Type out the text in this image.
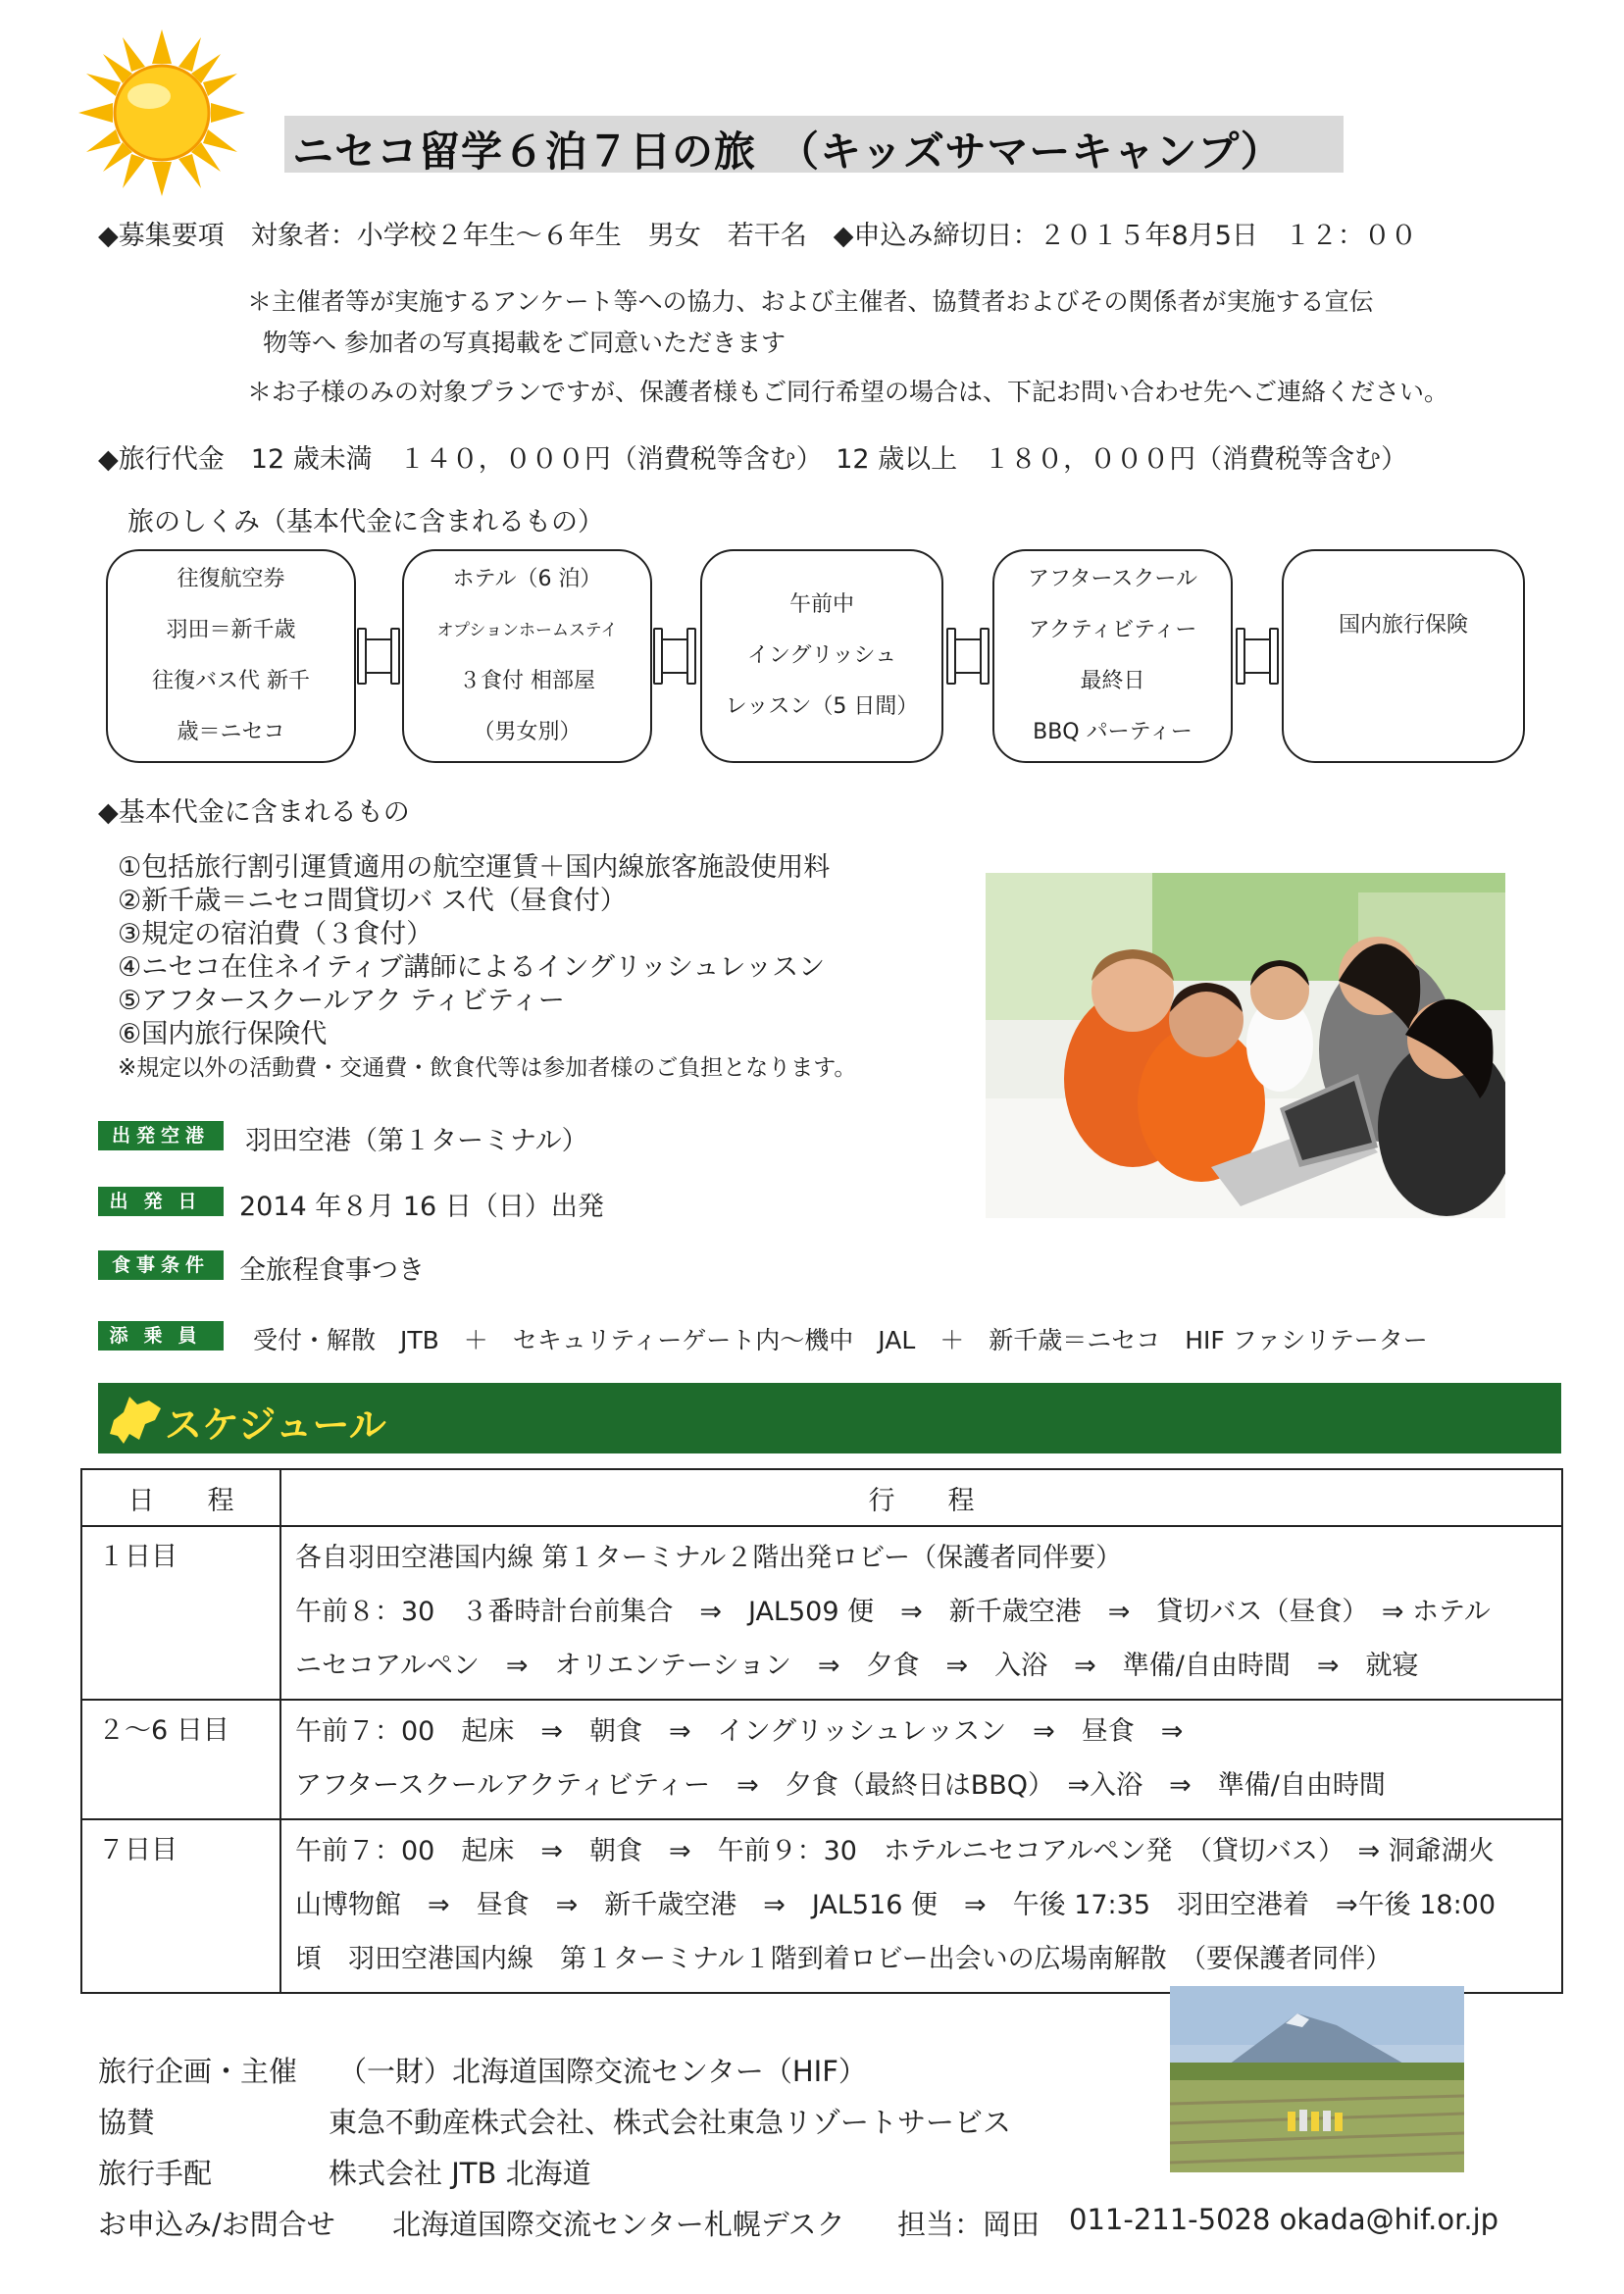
ニセコ留学６泊７日の旅　（キッズサマーキャンプ）
◆募集要項　対象者：小学校２年生～６年生　男女　若干名　◆申込み締切日：２０１５年8月5日　１２：００
＊主催者等が実施するアンケート等への協力、および主催者、協賛者およびその関係者が実施する宣伝
物等へ 参加者の写真掲載をご同意いただきます
＊お子様のみの対象プランですが、保護者様もご同行希望の場合は、下記お問い合わせ先へご連絡ください。
◆旅行代金　12 歳未満　１４０，０００円（消費税等含む）　12 歳以上　１８０，０００円（消費税等含む）
旅のしくみ（基本代金に含まれるもの）
往復航空券
羽田＝新千歳
往復バス代 新千
歳＝ニセコ
ホテル（6 泊）
オプションホームステイ
３食付 相部屋
（男女別）
午前中
イングリッシュ
レッスン（5 日間）
アフタースクール
アクティビティー
最終日
BBQ パーティー
国内旅行保険
◆基本代金に含まれるもの
①包括旅行割引運賃適用の航空運賃＋国内線旅客施設使用料
②新千歳＝ニセコ間貸切バ ス代（昼食付）
③規定の宿泊費（３食付）
④ニセコ在住ネイティブ講師によるイングリッシュレッスン
⑤アフタースクールアク ティビティー
⑥国内旅行保険代
※規定以外の活動費・交通費・飲食代等は参加者様のご負担となります。
出発空港	羽田空港（第１ターミナル）
出発日	2014 年８月 16 日（日）出発
食事条件	全旅程食事つき
添乗員	受付・解散　JTB　＋　セキュリティーゲート内～機中　JAL　＋　新千歳＝ニセコ　HIF ファシリテーター
スケジュール
日　　程	行　　程
１日目	各自羽田空港国内線 第１ターミナル２階出発ロビー（保護者同伴要）
午前８：30　３番時計台前集合　⇒　JAL509 便　⇒　新千歳空港　⇒　貸切バス（昼食）　⇒ ホテル
ニセコアルペン　⇒　オリエンテーション　⇒　夕食　⇒　入浴　⇒　準備/自由時間　⇒　就寝

２～6 日目	午前７：00　起床　⇒　朝食　⇒　イングリッシュレッスン　⇒　昼食　⇒
アフタースクールアクティビティー　⇒　夕食（最終日はBBQ）　⇒入浴　⇒　準備/自由時間

７日目	午前７：00　起床　⇒　朝食　⇒　午前９：30　ホテルニセコアルペン発　（貸切バス）　⇒ 洞爺湖火
山博物館　⇒　昼食　⇒　新千歳空港　⇒　JAL516 便　⇒　午後 17:35　羽田空港着　⇒午後 18:00
頃　羽田空港国内線　第１ターミナル１階到着ロビー出会いの広場南解散　（要保護者同伴）
旅行企画・主催 （一財）北海道国際交流センター（HIF）
協賛	東急不動産株式会社、株式会社東急リゾートサービス
旅行手配	株式会社 JTB 北海道
お申込み/お問合せ 北海道国際交流センター札幌デスク 担当：岡田 011-211-5028 okada@hif.or.jp
